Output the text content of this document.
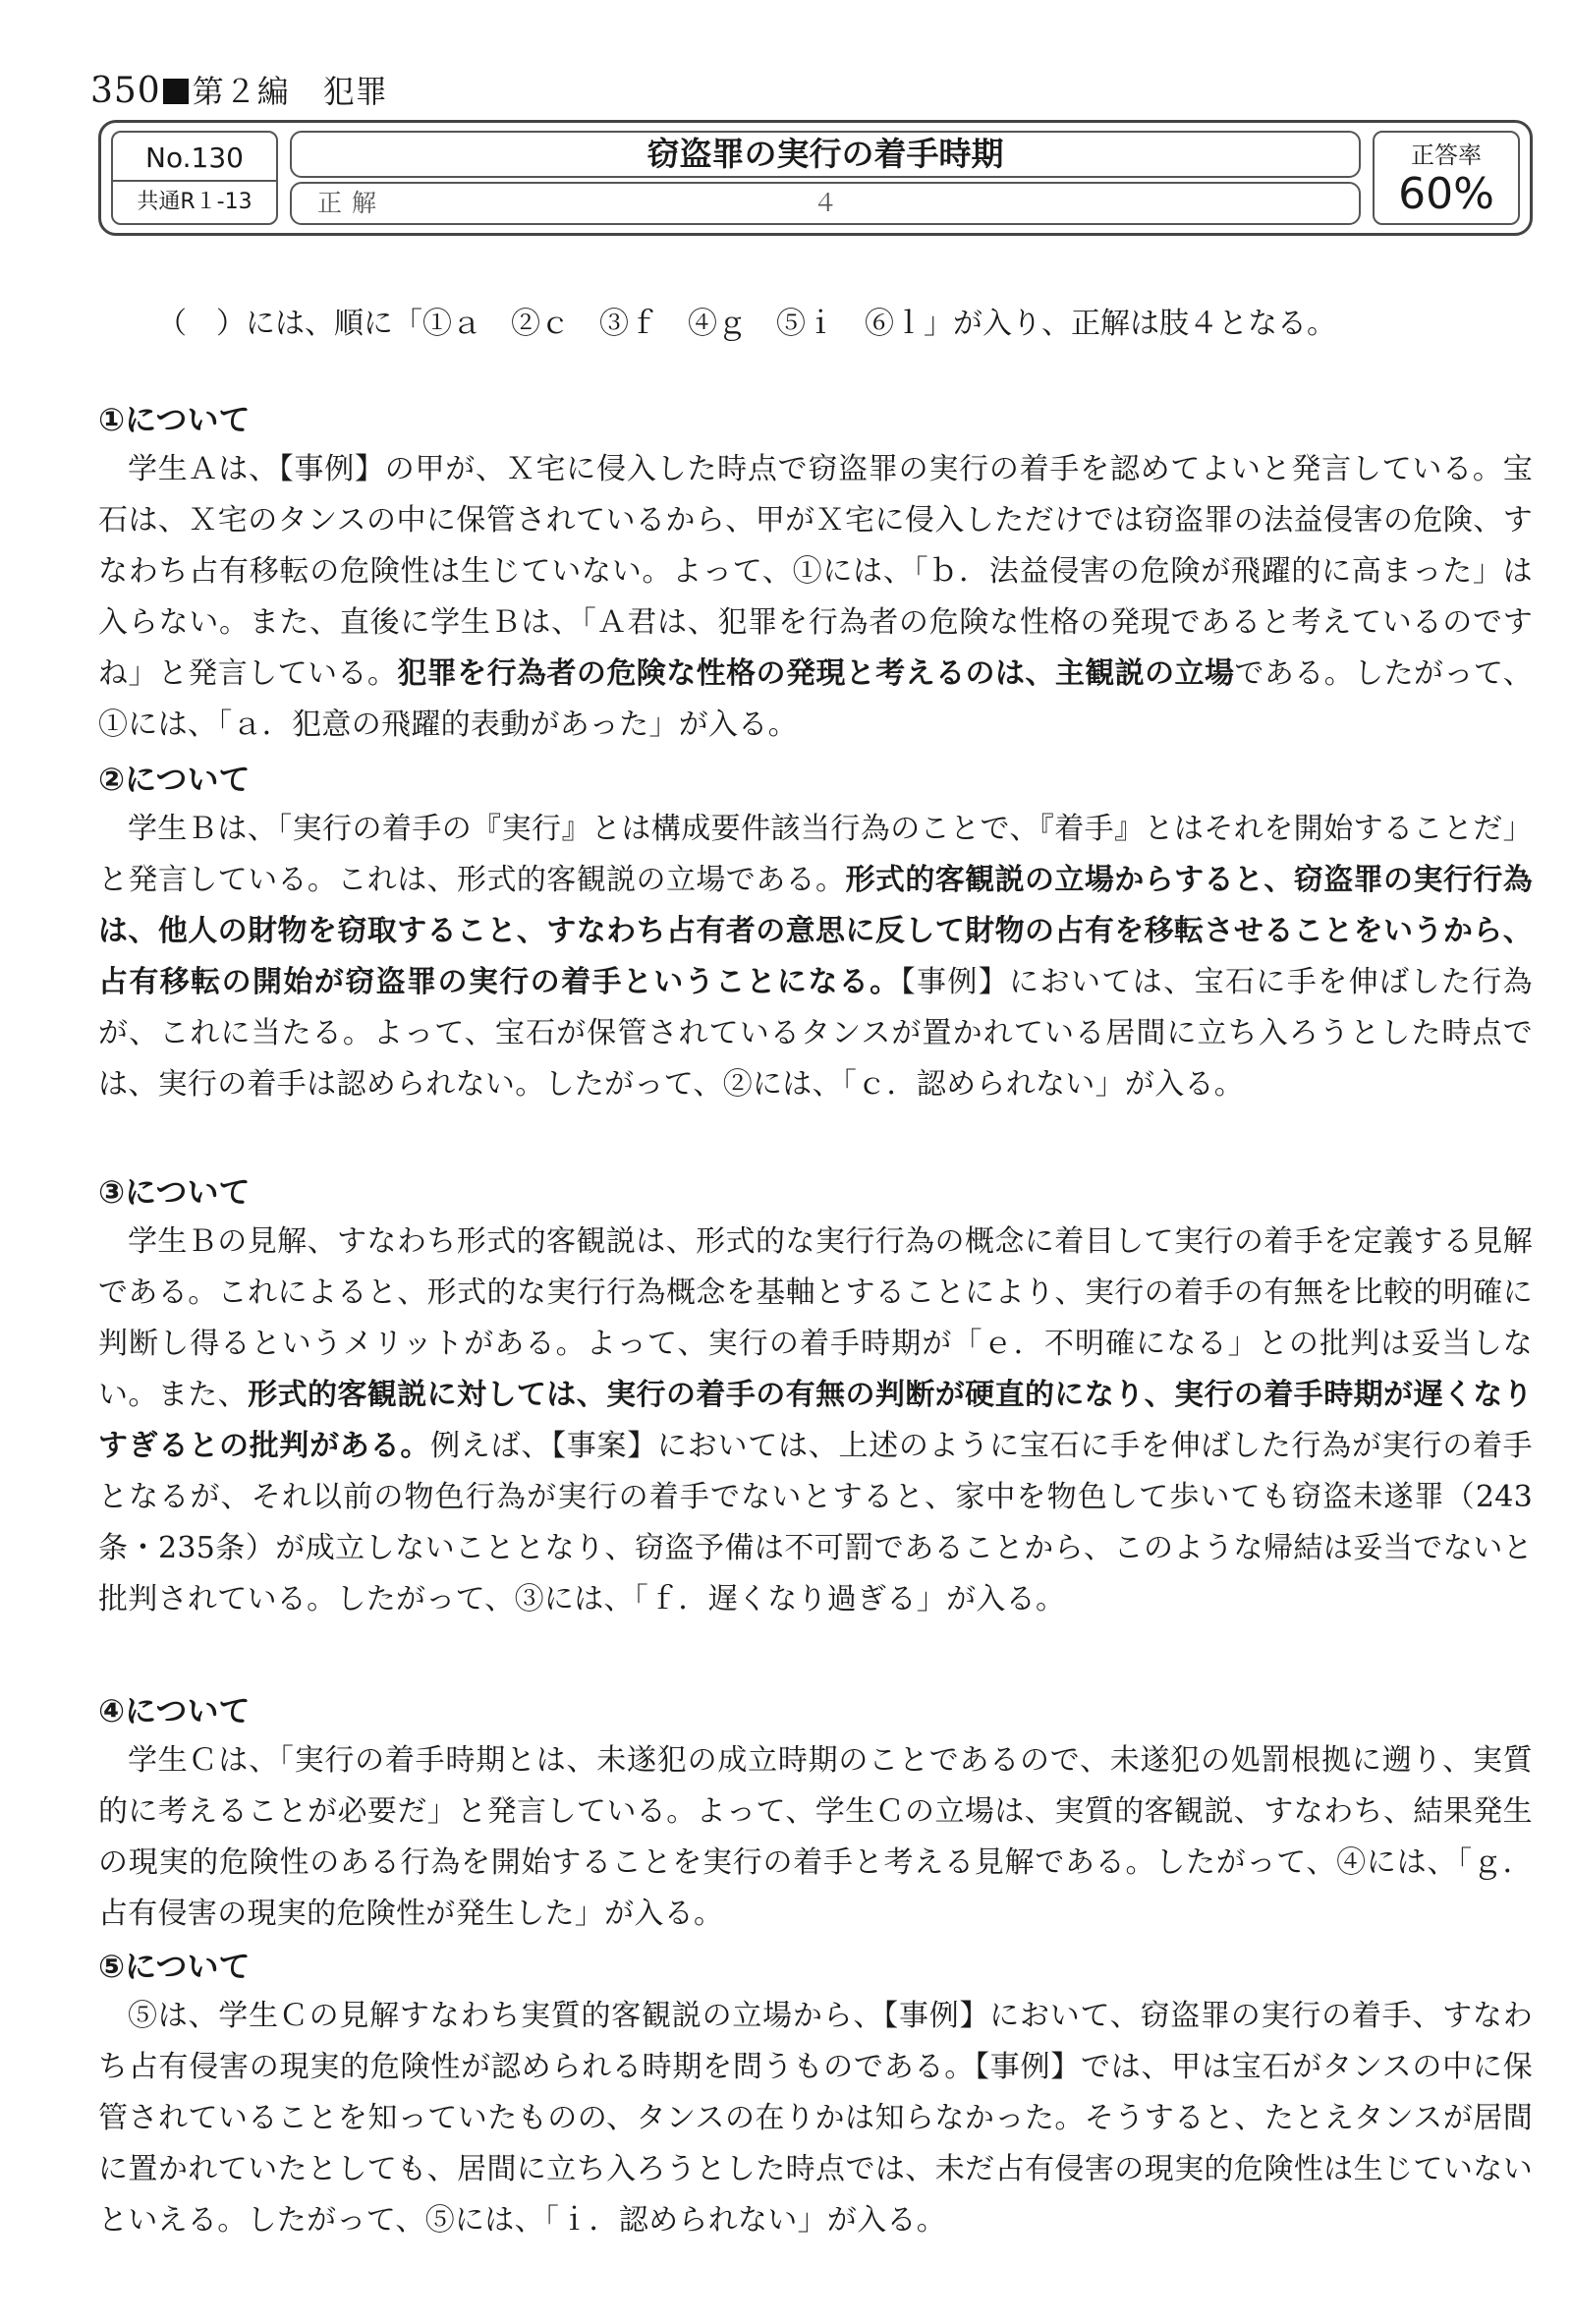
350 第２編 犯罪
No.130
共通R１-13
窃盗罪の実行の着手時期
正解	４
正答率
60%
（　）には、順に「①ａ　②ｃ　③ｆ　④ｇ　⑤ｉ　⑥ｌ」が入り、正解は肢４となる。
①について

学生Ａは、【事例】の甲が、Ｘ宅に侵入した時点で窃盗罪の実行の着手を認めてよいと発言している。宝石は、Ｘ宅のタンスの中に保管されているから、甲がＸ宅に侵入しただけでは窃盗罪の法益侵害の危険、すなわち占有移転の危険性は生じていない。よって、①には、「ｂ．法益侵害の危険が飛躍的に高まった」は入らない。また、直後に学生Ｂは、「Ａ君は、犯罪を行為者の危険な性格の発現であると考えているのですね」と発言している。犯罪を行為者の危険な性格の発現と考えるのは、主観説の立場である。したがって、①には、「ａ．犯意の飛躍的表動があった」が入る。

②について

学生Ｂは、「実行の着手の『実行』とは構成要件該当行為のことで、『着手』とはそれを開始することだ」と発言している。これは、形式的客観説の立場である。形式的客観説の立場からすると、窃盗罪の実行行為は、他人の財物を窃取すること、すなわち占有者の意思に反して財物の占有を移転させることをいうから、占有移転の開始が窃盗罪の実行の着手ということになる。【事例】においては、宝石に手を伸ばした行為が、これに当たる。よって、宝石が保管されているタンスが置かれている居間に立ち入ろうとした時点では、実行の着手は認められない。したがって、②には、「ｃ．認められない」が入る。

③について

学生Ｂの見解、すなわち形式的客観説は、形式的な実行行為の概念に着目して実行の着手を定義する見解である。これによると、形式的な実行行為概念を基軸とすることにより、実行の着手の有無を比較的明確に判断し得るというメリットがある。よって、実行の着手時期が「ｅ．不明確になる」との批判は妥当しない。また、形式的客観説に対しては、実行の着手の有無の判断が硬直的になり、実行の着手時期が遅くなりすぎるとの批判がある。例えば、【事案】においては、上述のように宝石に手を伸ばした行為が実行の着手となるが、それ以前の物色行為が実行の着手でないとすると、家中を物色して歩いても窃盗未遂罪（243条・235条）が成立しないこととなり、窃盗予備は不可罰であることから、このような帰結は妥当でないと批判されている。したがって、③には、「ｆ．遅くなり過ぎる」が入る。

④について

学生Ｃは、「実行の着手時期とは、未遂犯の成立時期のことであるので、未遂犯の処罰根拠に遡り、実質的に考えることが必要だ」と発言している。よって、学生Ｃの立場は、実質的客観説、すなわち、結果発生の現実的危険性のある行為を開始することを実行の着手と考える見解である。したがって、④には、「ｇ．占有侵害の現実的危険性が発生した」が入る。

⑤について

⑤は、学生Ｃの見解すなわち実質的客観説の立場から、【事例】において、窃盗罪の実行の着手、すなわち占有侵害の現実的危険性が認められる時期を問うものである。【事例】では、甲は宝石がタンスの中に保管されていることを知っていたものの、タンスの在りかは知らなかった。そうすると、たとえタンスが居間に置かれていたとしても、居間に立ち入ろうとした時点では、未だ占有侵害の現実的危険性は生じていないといえる。したがって、⑤には、「ｉ．認められない」が入る。
